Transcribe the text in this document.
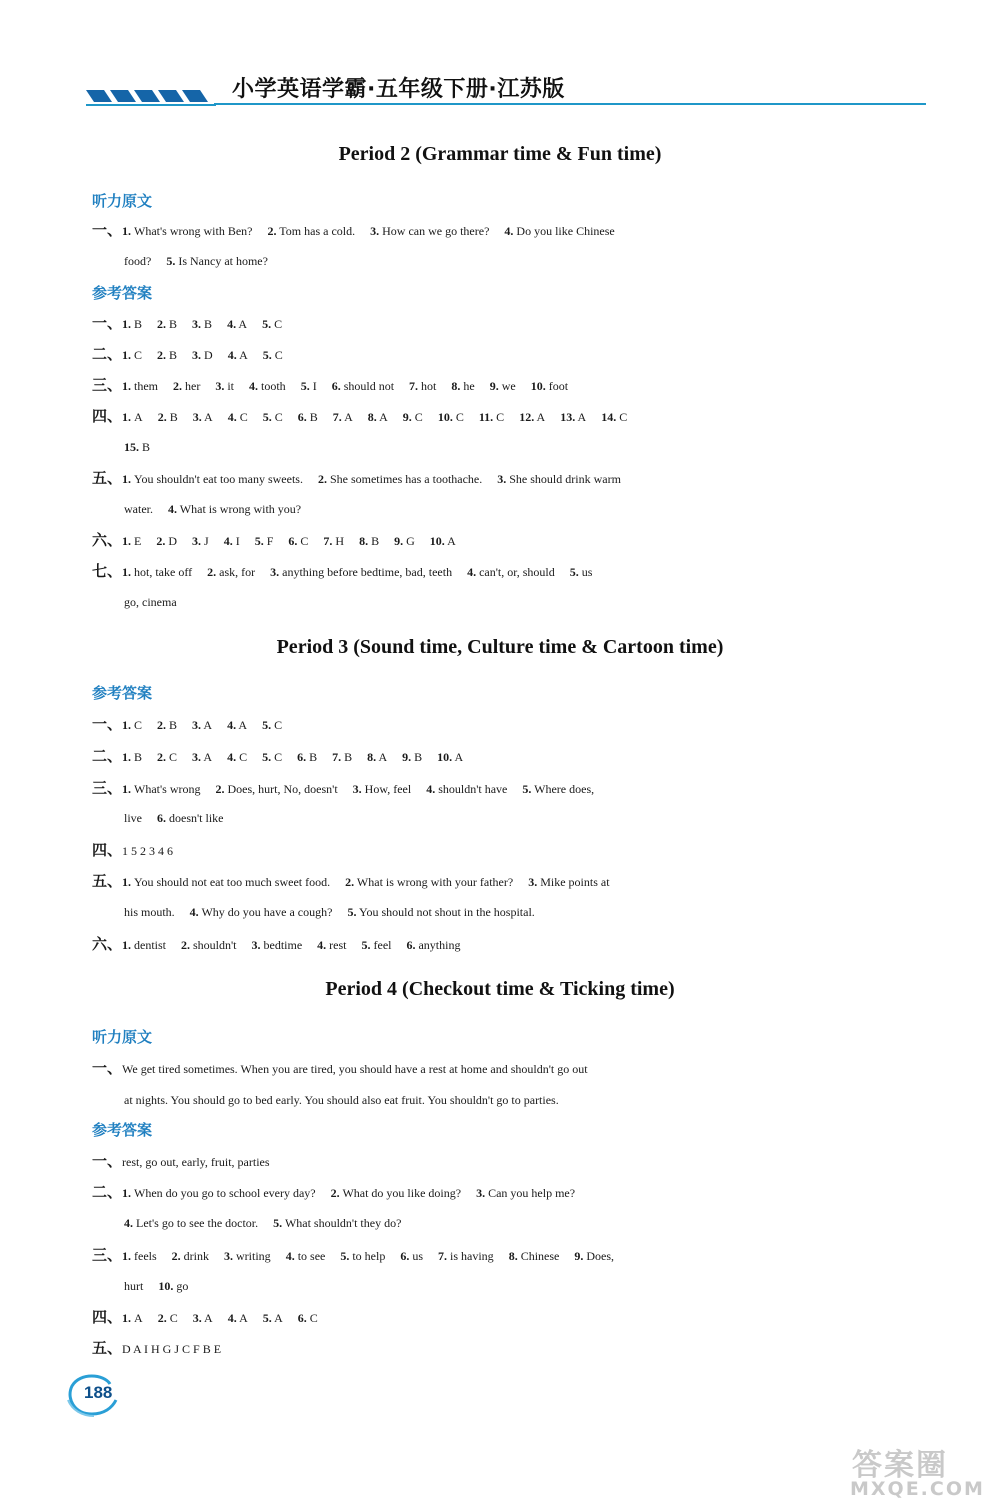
小学英语学霸·五年级下册·江苏版
Period 2 (Grammar time & Fun time)
听力原文
一、1. What's wrong with Ben?  2. Tom has a cold.  3. How can we go there?  4. Do you like Chinese 
food?  5. Is Nancy at home? 
参考答案
一、1. B  2. B  3. B  4. A  5. C 
二、1. C  2. B  3. D  4. A  5. C 
三、1. them  2. her  3. it  4. tooth  5. I  6. should not  7. hot  8. he  9. we  10. foot 
四、1. A  2. B  3. A  4. C  5. C  6. B  7. A  8. A  9. C  10. C  11. C  12. A  13. A  14. C 
15. B 
五、1. You shouldn't eat too many sweets.  2. She sometimes has a toothache.  3. She should drink warm 
water.  4. What is wrong with you? 
六、1. E  2. D  3. J  4. I  5. F  6. C  7. H  8. B  9. G  10. A 
七、1. hot, take off  2. ask, for  3. anything before bedtime, bad, teeth  4. can't, or, should  5. us 
go, cinema 
Period 3 (Sound time, Culture time & Cartoon time)
参考答案
一、1. C  2. B  3. A  4. A  5. C 
二、1. B  2. C  3. A  4. C  5. C  6. B  7. B  8. A  9. B  10. A 
三、1. What's wrong  2. Does, hurt, No, doesn't  3. How, feel  4. shouldn't have  5. Where does, 
live  6. doesn't like 
四、1 5 2 3 4 6 
五、1. You should not eat too much sweet food.  2. What is wrong with your father?  3. Mike points at 
his mouth.  4. Why do you have a cough?  5. You should not shout in the hospital. 
六、1. dentist  2. shouldn't  3. bedtime  4. rest  5. feel  6. anything 
Period 4 (Checkout time & Ticking time)
听力原文
一、We get tired sometimes. When you are tired, you should have a rest at home and shouldn't go out 
at nights. You should go to bed early. You should also eat fruit. You shouldn't go to parties. 
参考答案
一、rest, go out, early, fruit, parties 
二、1. When do you go to school every day?  2. What do you like doing?  3. Can you help me? 
4. Let's go to see the doctor.  5. What shouldn't they do? 
三、1. feels  2. drink  3. writing  4. to see  5. to help  6. us  7. is having  8. Chinese  9. Does, 
hurt  10. go 
四、1. A  2. C  3. A  4. A  5. A  6. C 
五、D A I H G J C F B E 
188
答案圈
MXQE.COM
